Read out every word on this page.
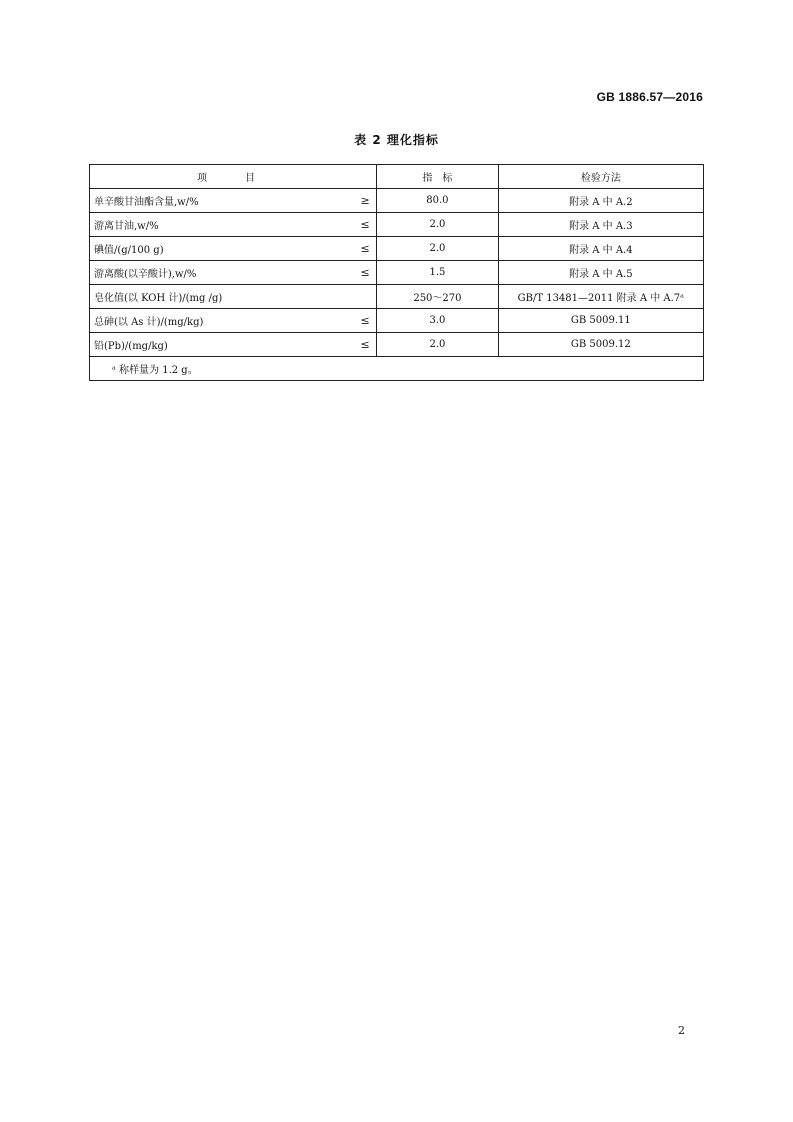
GB 1886.57—2016
表 2 理化指标
项　目	指　标	检验方法

单辛酸甘油酯含量,w/% ≥	80.0	附录 A 中 A.2

游离甘油,w/% ≤	2.0	附录 A 中 A.3

碘值/(g/100 g) ≤	2.0	附录 A 中 A.4

游离酸(以辛酸计),w/% ≤	1.5	附录 A 中 A.5

皂化值(以 KOH 计)/(mg /g)	250～270	GB/T 13481—2011 附录 A 中 A.7ᵃ

总砷(以 As 计)/(mg/kg) ≤	3.0	GB 5009.11

铅(Pb)/(mg/kg) ≤	2.0	GB 5009.12
ᵃ 称样量为 1.2 g。		
2
